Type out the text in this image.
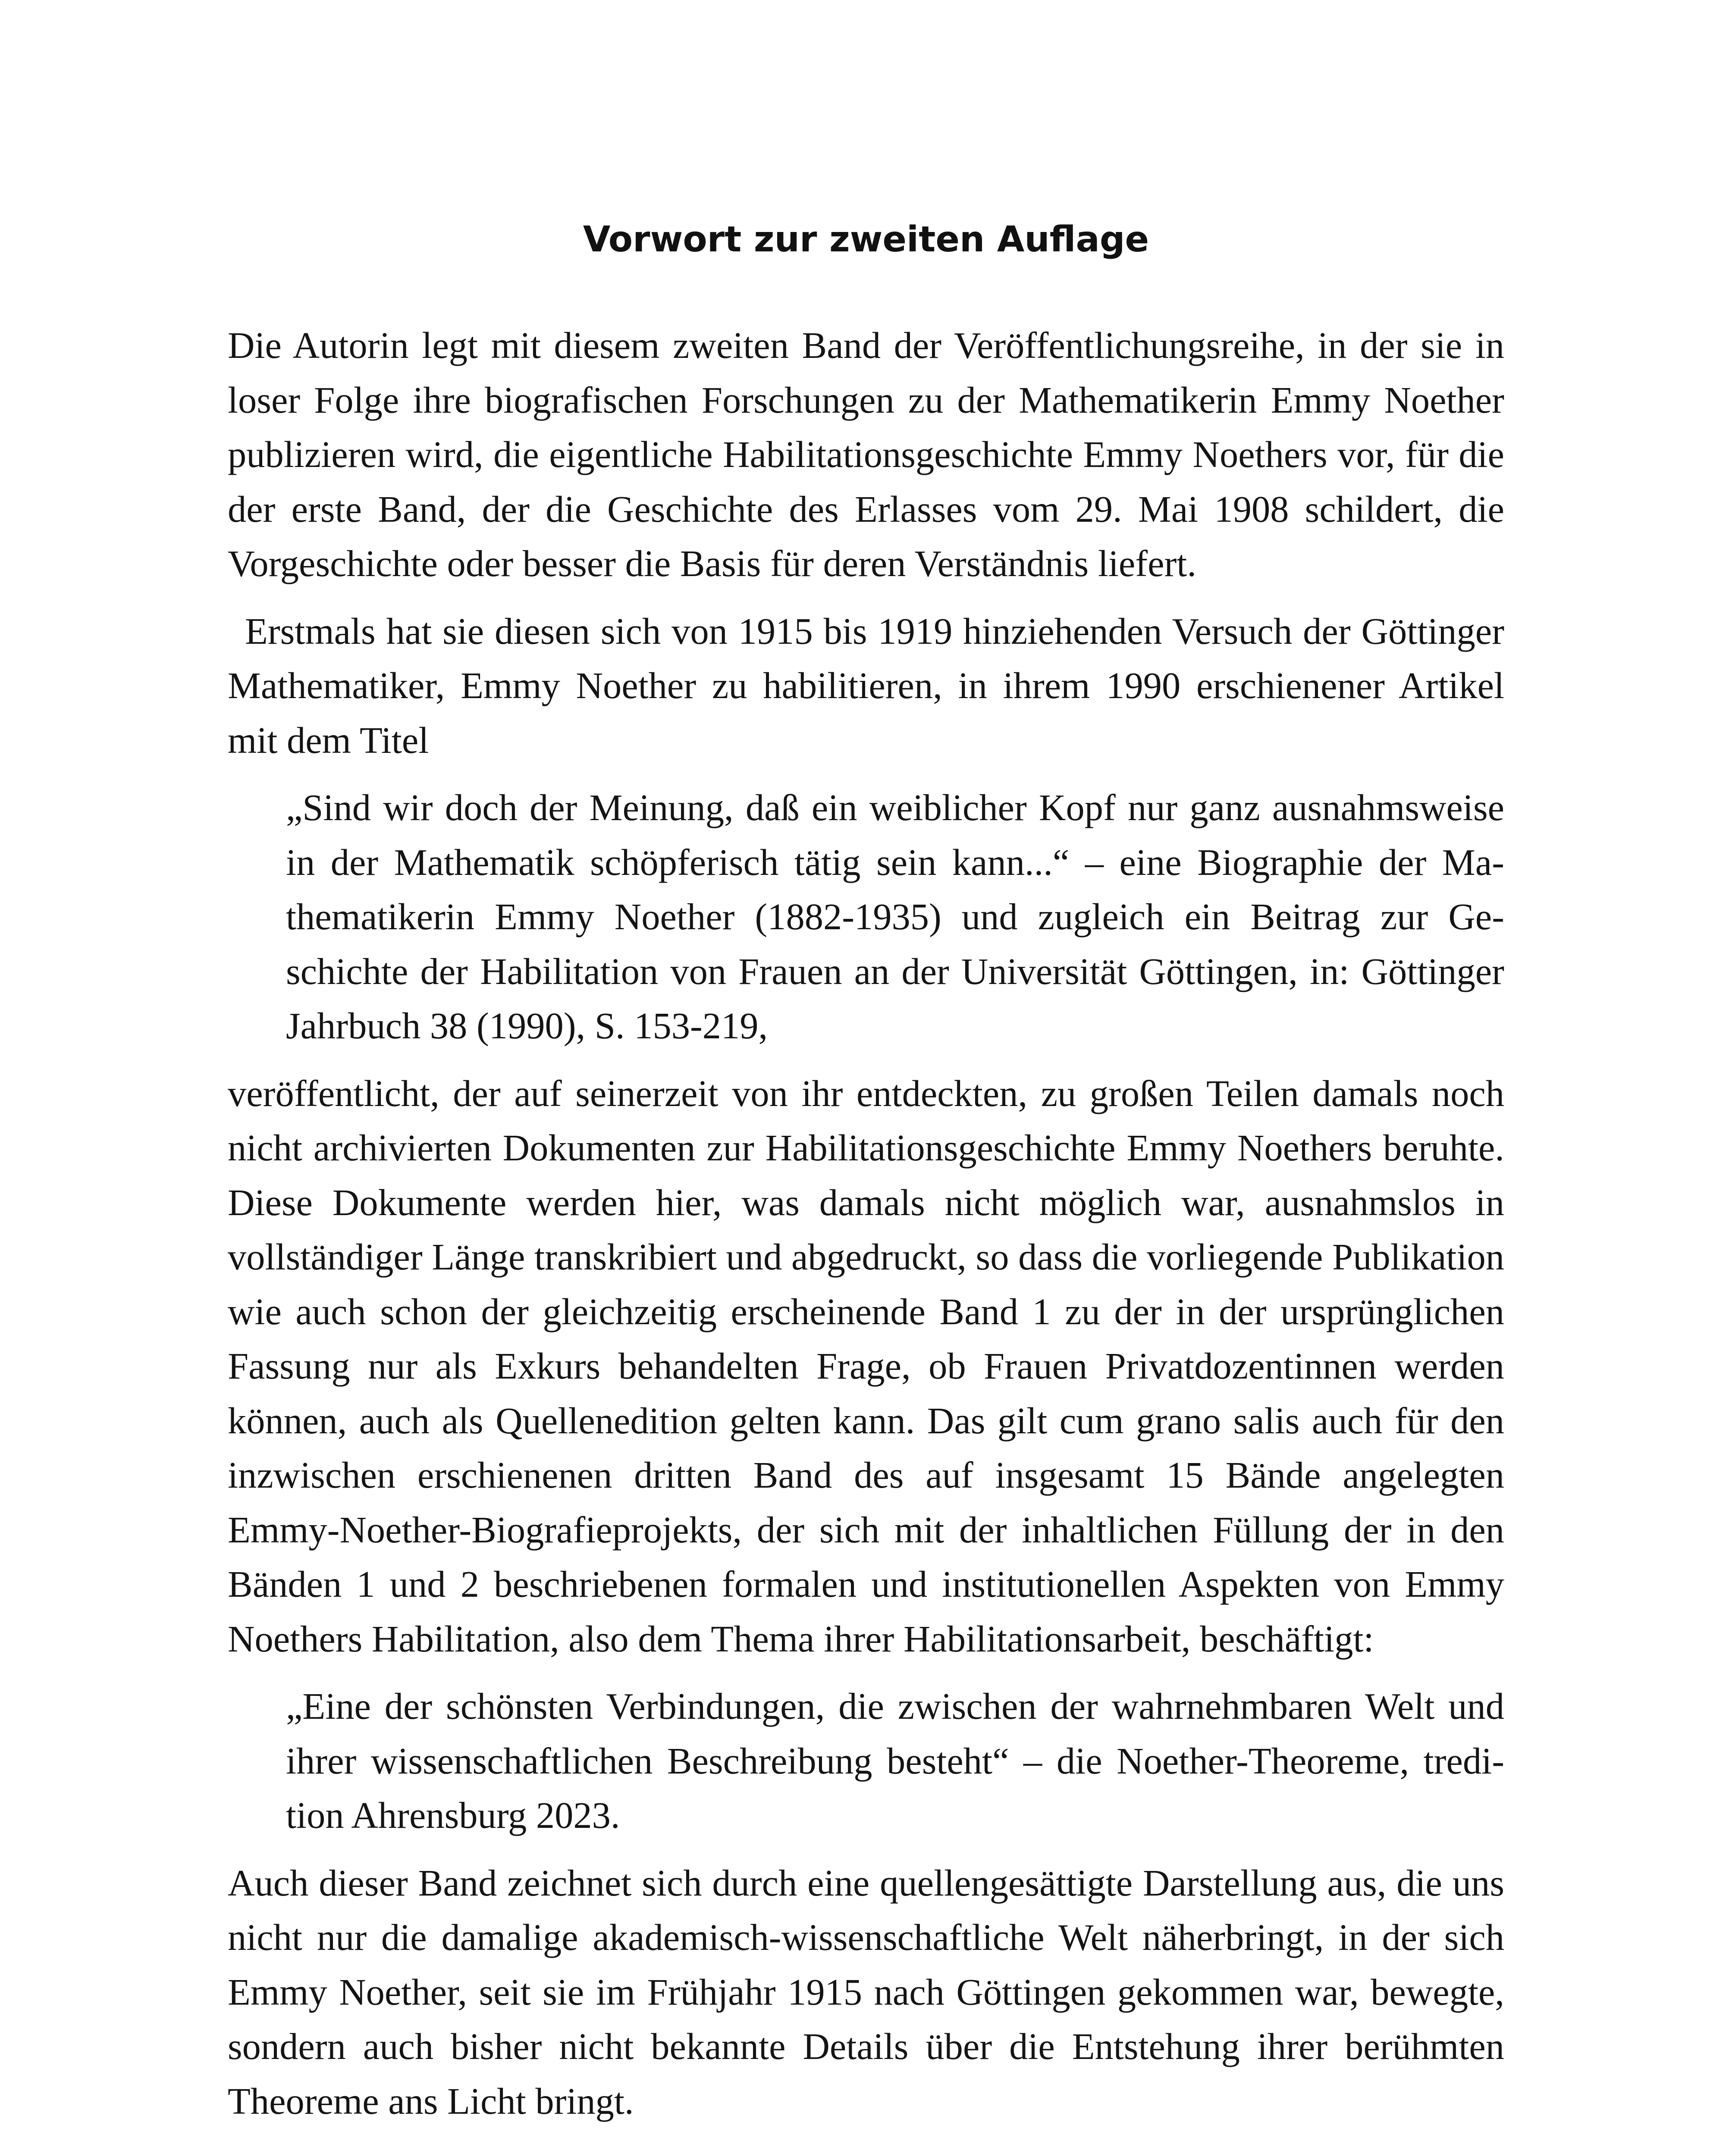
Vorwort zur zweiten Auflage

Die Autorin legt mit diesem zweiten Band der Veröffentlichungsreihe, in der sie in loser Folge ihre biografischen Forschungen zu der Mathematikerin Emmy Noether publizieren wird, die eigentliche Habilitationsgeschichte Emmy Noethers vor, für die der erste Band, der die Geschichte des Erlasses vom 29. Mai 1908 schildert, die Vorgeschichte oder besser die Basis für deren Verständnis liefert.

Erstmals hat sie diesen sich von 1915 bis 1919 hinziehenden Versuch der Göttinger Mathematiker, Emmy Noether zu habilitieren, in ihrem 1990 erschienener Artikel mit dem Titel

„Sind wir doch der Meinung, daß ein weiblicher Kopf nur ganz ausnahmsweise in der Mathematik schöpferisch tätig sein kann...“ – eine Biographie der Mathematikerin Emmy Noether (1882-1935) und zugleich ein Beitrag zur Geschichte der Habilitation von Frauen an der Universität Göttingen, in: Göttinger Jahrbuch 38 (1990), S. 153-219,

veröffentlicht, der auf seinerzeit von ihr entdeckten, zu großen Teilen damals noch nicht archivierten Dokumenten zur Habilitationsgeschichte Emmy Noethers beruhte. Diese Dokumente werden hier, was damals nicht möglich war, ausnahmslos in vollständiger Länge transkribiert und abgedruckt, so dass die vorliegende Publikation wie auch schon der gleichzeitig erscheinende Band 1 zu der in der ursprünglichen Fassung nur als Exkurs behandelten Frage, ob Frauen Privatdozentinnen werden können, auch als Quellenedition gelten kann. Das gilt cum grano salis auch für den inzwischen erschienenen dritten Band des auf insgesamt 15 Bände angelegten Emmy-Noether-Biografieprojekts, der sich mit der inhaltlichen Füllung der in den Bänden 1 und 2 beschriebenen formalen und institutionellen Aspekten von Emmy Noethers Habilitation, also dem Thema ihrer Habilitationsarbeit, beschäftigt:

„Eine der schönsten Verbindungen, die zwischen der wahrnehmbaren Welt und ihrer wissenschaftlichen Beschreibung besteht“ – die Noether-Theoreme, tredition Ahrensburg 2023.

Auch dieser Band zeichnet sich durch eine quellengesättigte Darstellung aus, die uns nicht nur die damalige akademisch-wissenschaftliche Welt näherbringt, in der sich Emmy Noether, seit sie im Frühjahr 1915 nach Göttingen gekommen war, bewegte, sondern auch bisher nicht bekannte Details über die Entstehung ihrer berühmten Theoreme ans Licht bringt.
